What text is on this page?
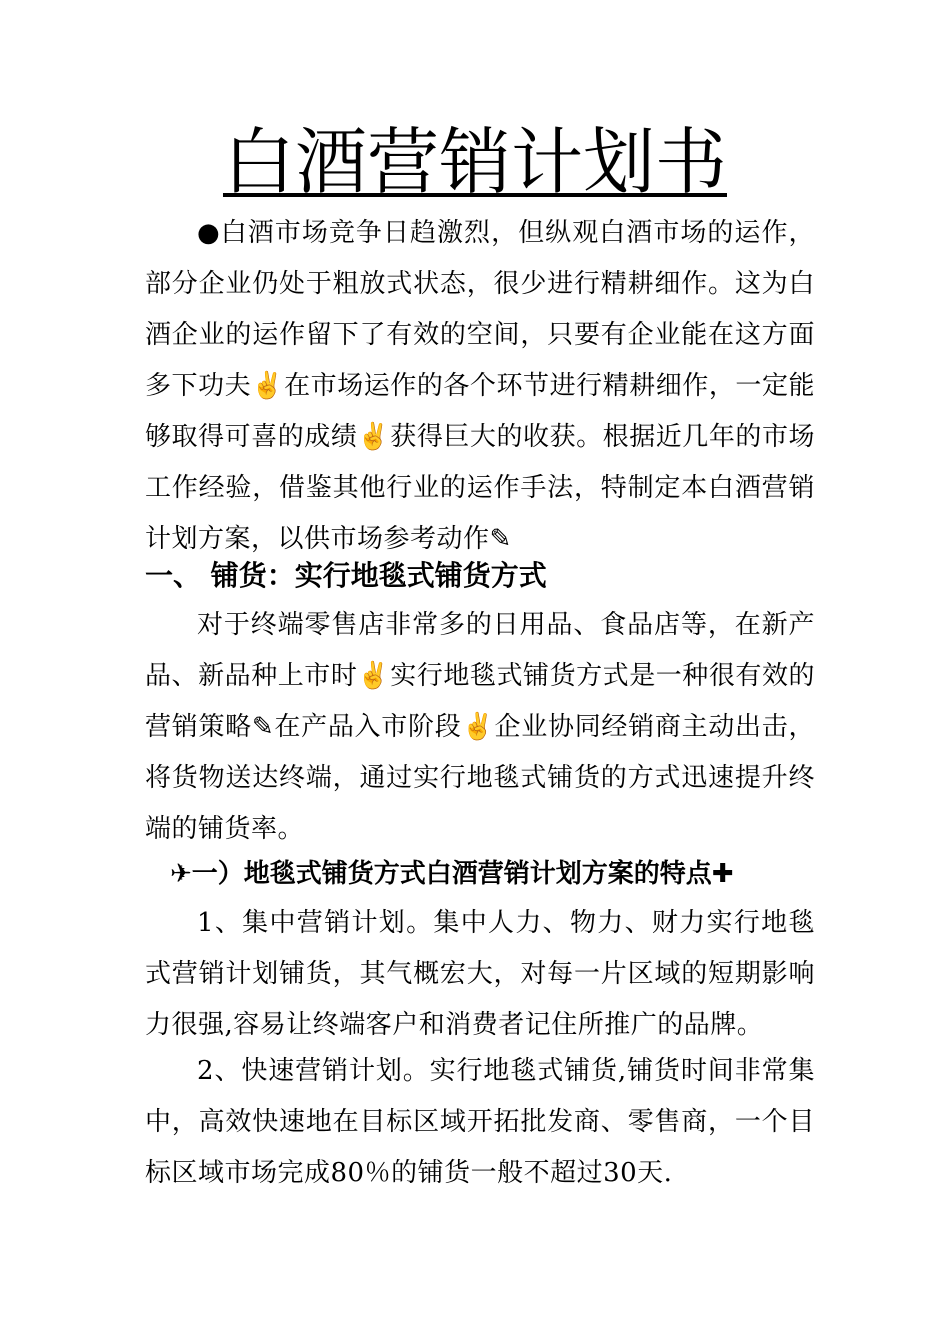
白酒营销计划书

●白酒市场竞争日趋激烈，但纵观白酒市场的运作，部分企业仍处于粗放式状态，很少进行精耕细作。这为白酒企业的运作留下了有效的空间，只要有企业能在这方面多下功夫✌在市场运作的各个环节进行精耕细作，一定能够取得可喜的成绩✌获得巨大的收获。根据近几年的市场工作经验，借鉴其他行业的运作手法，特制定本白酒营销计划方案，以供市场参考动作✎

一、 铺货：实行地毯式铺货方式

对于终端零售店非常多的日用品、食品店等，在新产品、新品种上市时✌实行地毯式铺货方式是一种很有效的营销策略✎在产品入市阶段✌企业协同经销商主动出击，将货物送达终端，通过实行地毯式铺货的方式迅速提升终端的铺货率。

✈一）地毯式铺货方式白酒营销计划方案的特点✚

1、集中营销计划。集中人力、物力、财力实行地毯式营销计划铺货，其气概宏大，对每一片区域的短期影响力很强,容易让终端客户和消费者记住所推广的品牌。

2、快速营销计划。实行地毯式铺货,铺货时间非常集中，高效快速地在目标区域开拓批发商、零售商，一个目标区域市场完成80％的铺货一般不超过30天.
